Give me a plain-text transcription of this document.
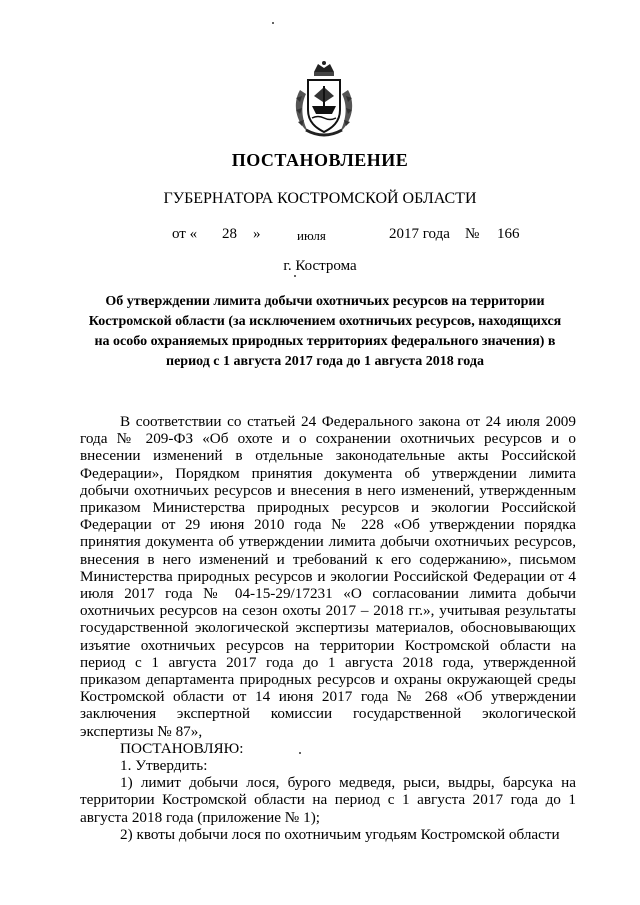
ПОСТАНОВЛЕНИЕ
ГУБЕРНАТОРА КОСТРОМСКОЙ ОБЛАСТИ
от « 28 »	июля	2017 года № 166
г. Кострома
Об утверждении лимита добычи охотничьих ресурсов на территории Костромской области (за исключением охотничьих ресурсов, находящихся на особо охраняемых природных территориях федерального значения) в период с 1 августа 2017 года до 1 августа 2018 года

В соответствии со статьей 24 Федерального закона от 24 июля 2009 года № 209-ФЗ «Об охоте и о сохранении охотничьих ресурсов и о внесении изменений в отдельные законодательные акты Российской Федерации», Порядком принятия документа об утверждении лимита добычи охотничьих ресурсов и внесения в него изменений, утвержденным приказом Министерства природных ресурсов и экологии Российской Федерации от 29 июня 2010 года № 228 «Об утверждении порядка принятия документа об утверждении лимита добычи охотничьих ресурсов, внесения в него изменений и требований к его содержанию», письмом Министерства природных ресурсов и экологии Российской Федерации от 4 июля 2017 года № 04-15-29/17231 «О согласовании лимита добычи охотничьих ресурсов на сезон охоты 2017 – 2018 гг.», учитывая результаты государственной экологической экспертизы материалов, обосновывающих изъятие охотничьих ресурсов на территории Костромской области на период с 1 августа 2017 года до 1 августа 2018 года, утвержденной приказом департамента природных ресурсов и охраны окружающей среды Костромской области от 14 июня 2017 года № 268 «Об утверждении заключения экспертной комиссии государственной экологической экспертизы № 87»,

ПОСТАНОВЛЯЮ:

1. Утвердить:

1) лимит добычи лося, бурого медведя, рыси, выдры, барсука на территории Костромской области на период с 1 августа 2017 года до 1 августа 2018 года (приложение № 1);

2) квоты добычи лося по охотничьим угодьям Костромской области
